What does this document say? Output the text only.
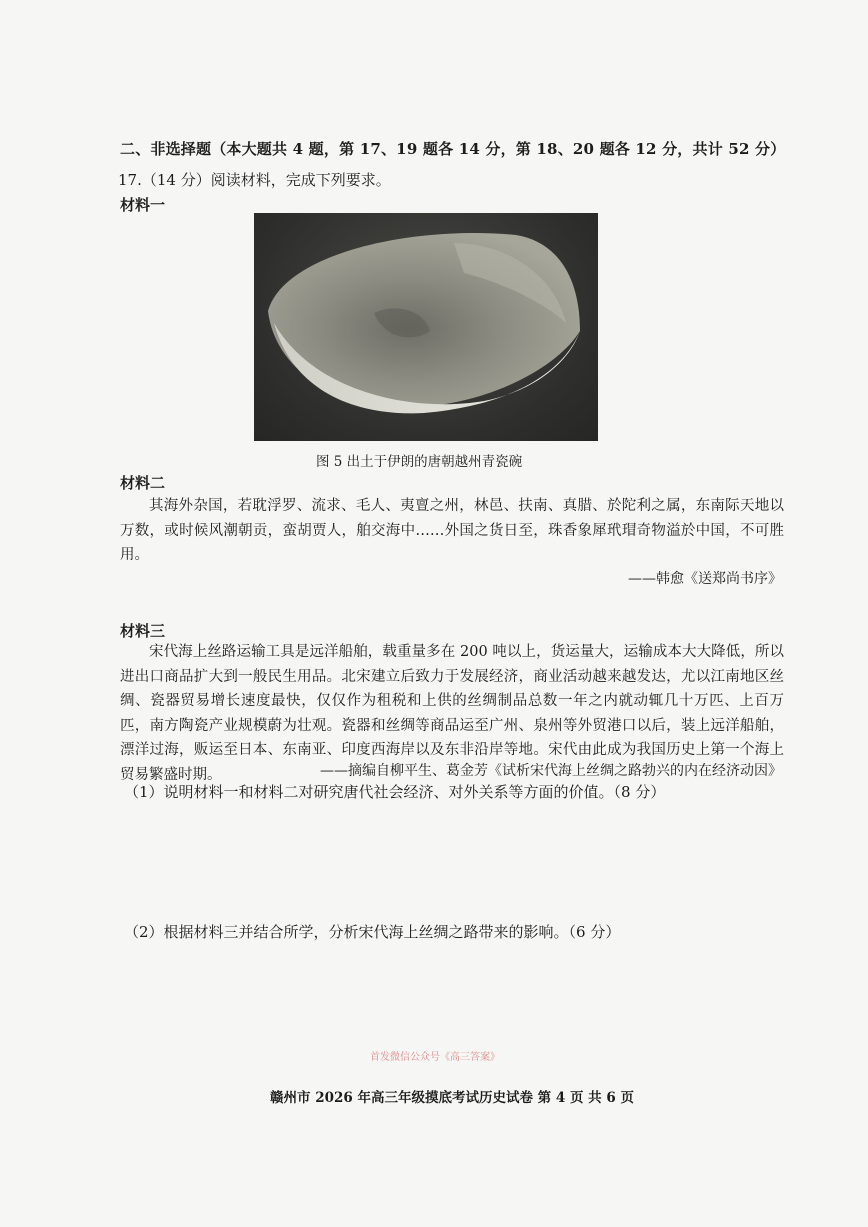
二、非选择题（本大题共 4 题，第 17、19 题各 14 分，第 18、20 题各 12 分，共计 52 分）
17.（14 分）阅读材料，完成下列要求。
材料一
图 5 出土于伊朗的唐朝越州青瓷碗
材料二

其海外杂国，若耽浮罗、流求、毛人、夷亶之州，林邑、扶南、真腊、於陀利之属，东南际天地以万数，或时候风潮朝贡，蛮胡贾人，舶交海中……外国之货日至，珠香象犀玳瑁奇物溢於中国，不可胜用。

——韩愈《送郑尚书序》
材料三

宋代海上丝路运输工具是远洋船舶，载重量多在 200 吨以上，货运量大，运输成本大大降低，所以进出口商品扩大到一般民生用品。北宋建立后致力于发展经济，商业活动越来越发达，尤以江南地区丝绸、瓷器贸易增长速度最快，仅仅作为租税和上供的丝绸制品总数一年之内就动辄几十万匹、上百万匹，南方陶瓷产业规模蔚为壮观。瓷器和丝绸等商品运至广州、泉州等外贸港口以后，装上远洋船舶，漂洋过海，贩运至日本、东南亚、印度西海岸以及东非沿岸等地。宋代由此成为我国历史上第一个海上贸易繁盛时期。	——摘编自柳平生、葛金芳《试析宋代海上丝绸之路勃兴的内在经济动因》
（1）说明材料一和材料二对研究唐代社会经济、对外关系等方面的价值。（8 分）
（2）根据材料三并结合所学，分析宋代海上丝绸之路带来的影响。（6 分）
首发微信公众号《高三答案》
赣州市 2026 年高三年级摸底考试历史试卷 第 4 页 共 6 页
